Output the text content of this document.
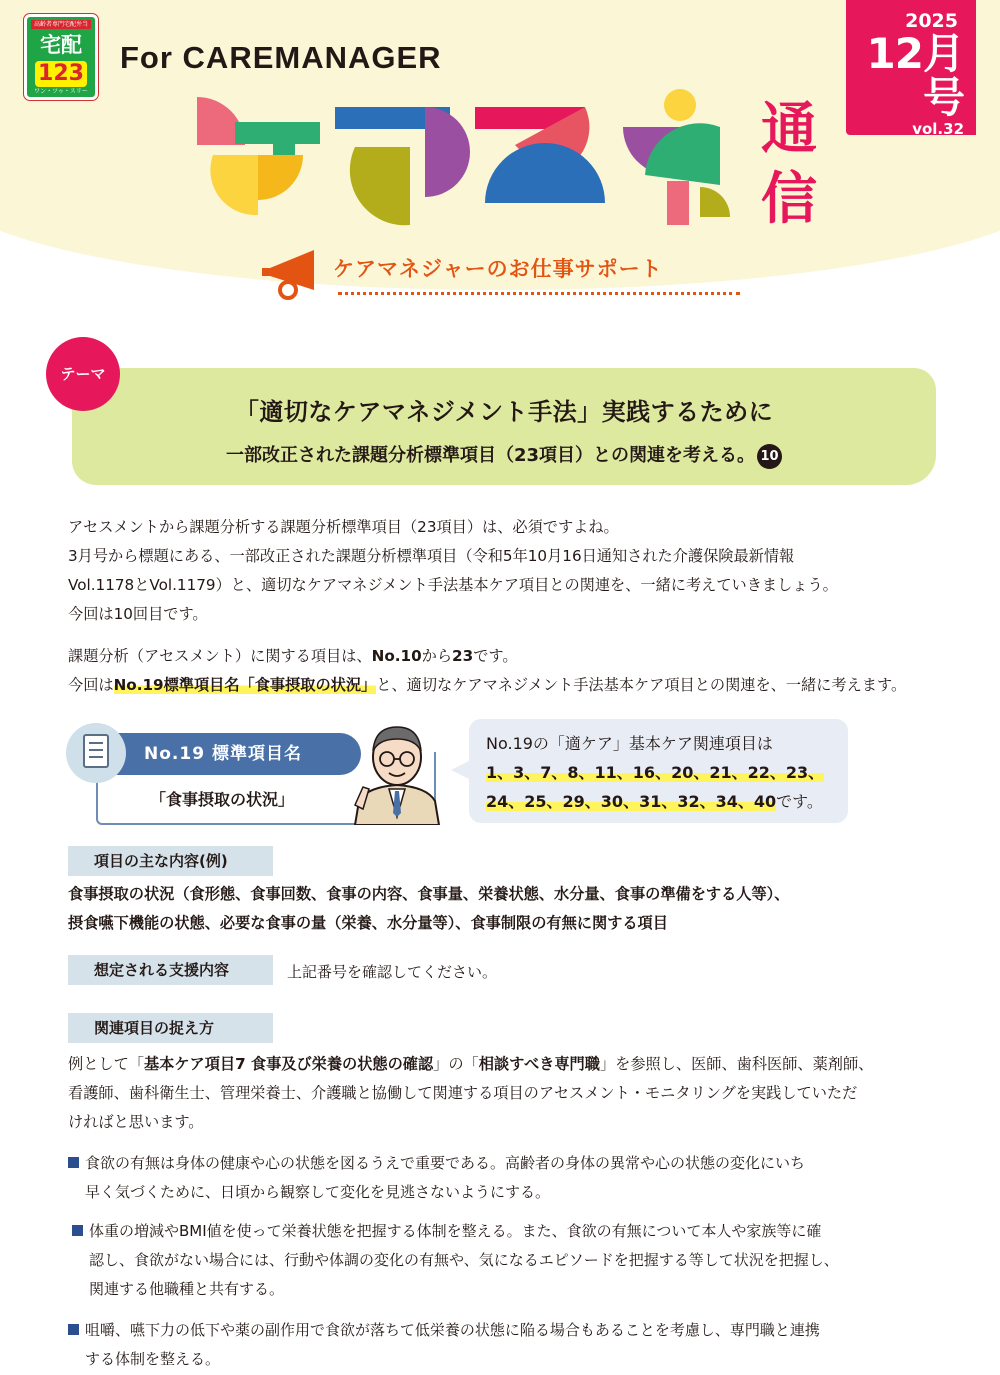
高齢者専門宅配弁当
宅配
123
ワン・ツゥ・スリー
For CAREMANAGER
2025
12月号
vol.32
通信
ケアマネジャーのお仕事サポート
テーマ
「適切なケアマネジメント手法」実践するために
一部改正された課題分析標準項目（23項目）との関連を考える。 10
アセスメントから課題分析する課題分析標準項目（23項目）は、必須ですよね。
3月号から標題にある、一部改正された課題分析標準項目（令和5年10月16日通知された介護保険最新情報
Vol.1178とVol.1179）と、適切なケアマネジメント手法基本ケア項目との関連を、一緒に考えていきましょう。
今回は10回目です。
課題分析（アセスメント）に関する項目は、No.10から23です。
今回はNo.19標準項目名「食事摂取の状況」と、適切なケアマネジメント手法基本ケア項目との関連を、一緒に考えます。
No.19 標準項目名
「食事摂取の状況」
No.19の「適ケア」基本ケア関連項目は
1、3、7、8、11、16、20、21、22、23、
24、25、29、30、31、32、34、40です。
項目の主な内容(例)
食事摂取の状況（食形態、食事回数、食事の内容、食事量、栄養状態、水分量、食事の準備をする人等）、
摂食嚥下機能の状態、必要な食事の量（栄養、水分量等）、食事制限の有無に関する項目
想定される支援内容	上記番号を確認してください。
関連項目の捉え方
例として「基本ケア項目7 食事及び栄養の状態の確認」の「相談すべき専門職」を参照し、医師、歯科医師、薬剤師、
看護師、歯科衛生士、管理栄養士、介護職と協働して関連する項目のアセスメント・モニタリングを実践していただ
ければと思います。
食欲の有無は身体の健康や心の状態を図るうえで重要である。高齢者の身体の異常や心の状態の変化にいち
早く気づくために、日頃から観察して変化を見逃さないようにする。
体重の増減やBMI値を使って栄養状態を把握する体制を整える。また、食欲の有無について本人や家族等に確
認し、食欲がない場合には、行動や体調の変化の有無や、気になるエピソードを把握する等して状況を把握し、
関連する他職種と共有する。
咀嚼、嚥下力の低下や薬の副作用で食欲が落ちて低栄養の状態に陥る場合もあることを考慮し、専門職と連携
する体制を整える。
